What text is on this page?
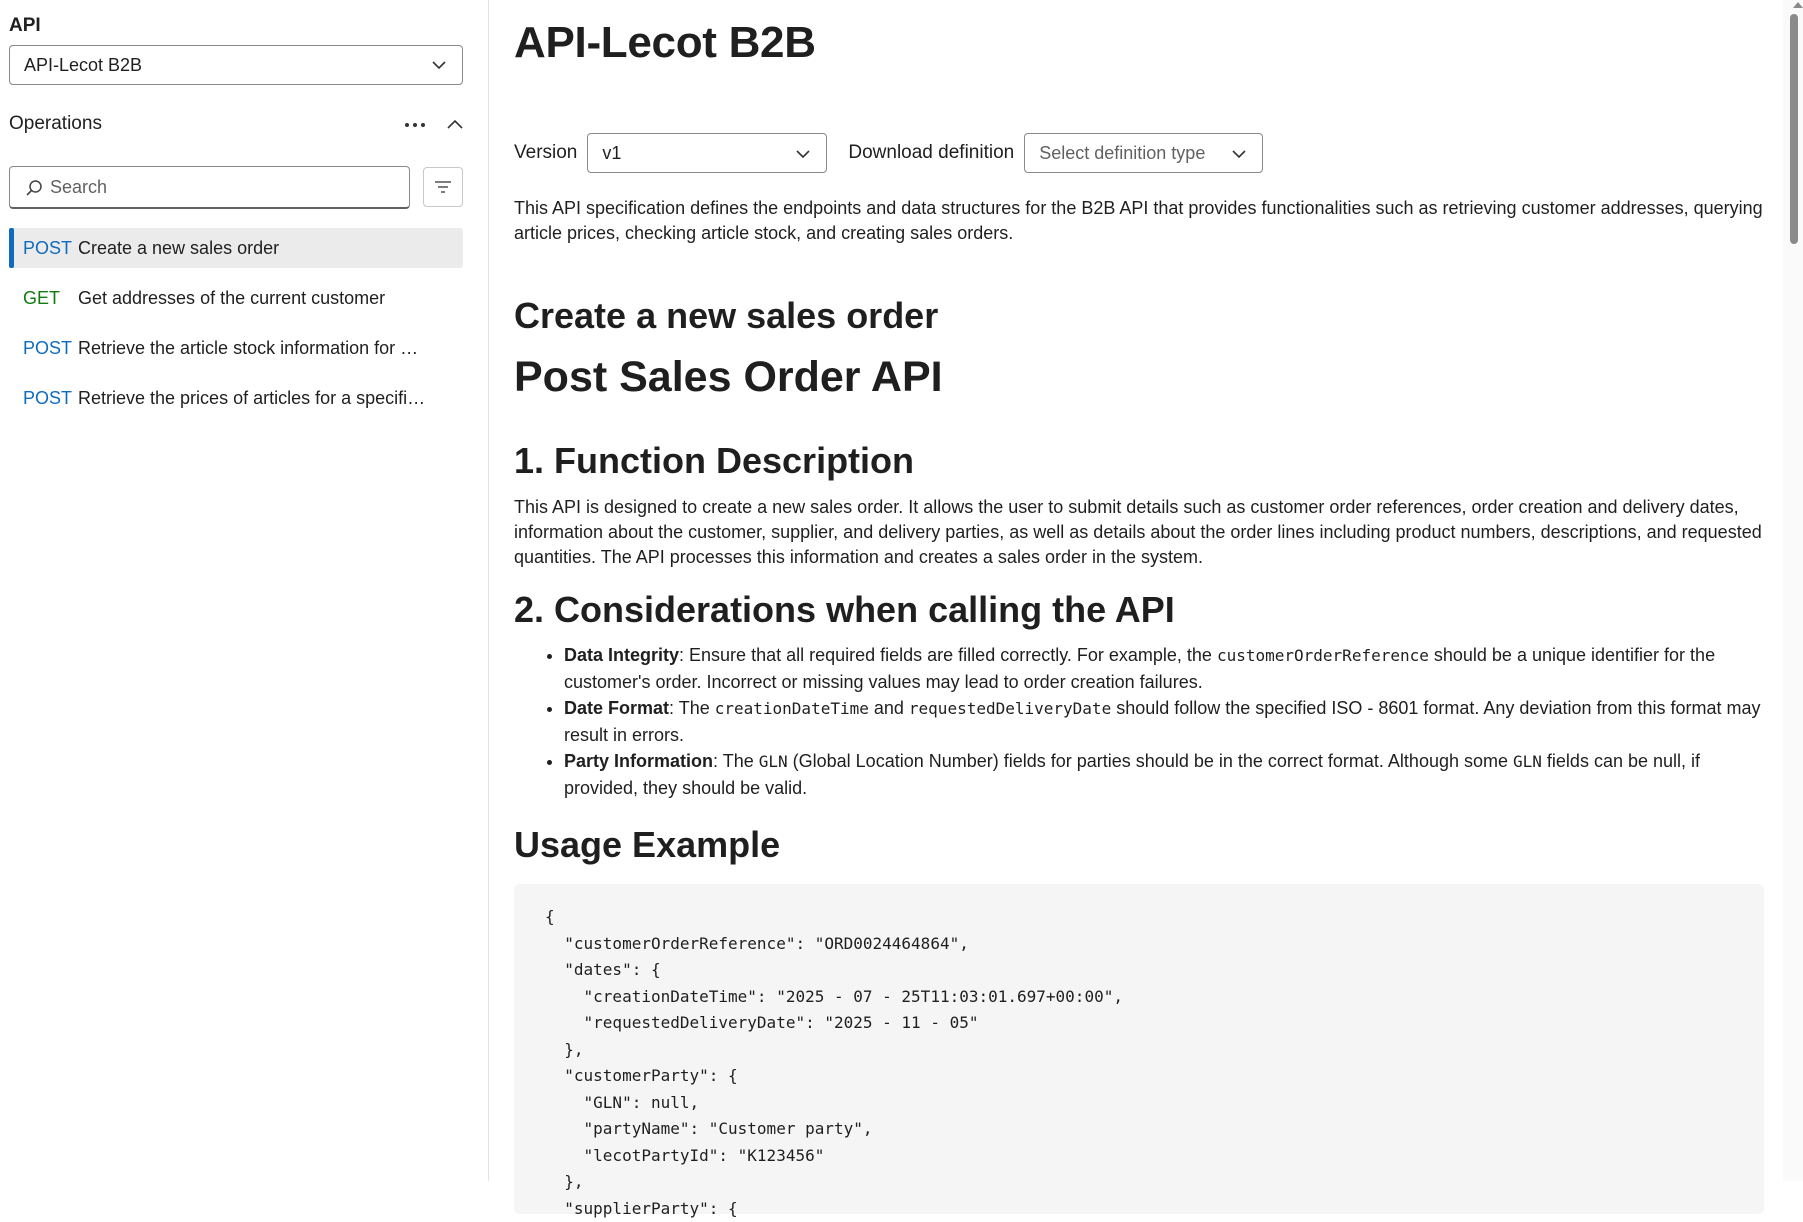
API
API-Lecot B2B
Operations
Search
POST Create a new sales order
GET Get addresses of the current customer
POST Retrieve the article stock information for …
POST Retrieve the prices of articles for a specifi…
API-Lecot B2B
Version v1	Download definition Select definition type

This API specification defines the endpoints and data structures for the B2B API that provides functionalities such as retrieving customer addresses, querying article prices, checking article stock, and creating sales orders.

Create a new sales order
Post Sales Order API
1. Function Description

This API is designed to create a new sales order. It allows the user to submit details such as customer order references, order creation and delivery dates, information about the customer, supplier, and delivery parties, as well as details about the order lines including product numbers, descriptions, and requested quantities. The API processes this information and creates a sales order in the system.

2. Considerations when calling the API
• Data Integrity: Ensure that all required fields are filled correctly. For example, the customerOrderReference should be a unique identifier for the customer's order. Incorrect or missing values may lead to order creation failures.
• Date Format: The creationDateTime and requestedDeliveryDate should follow the specified ISO - 8601 format. Any deviation from this format may result in errors.
• Party Information: The GLN (Global Location Number) fields for parties should be in the correct format. Although some GLN fields can be null, if provided, they should be valid.
Usage Example
{
"customerOrderReference": "ORD0024464864",
"dates": {
"creationDateTime": "2025 - 07 - 25T11:03:01.697+00:00",
"requestedDeliveryDate": "2025 - 11 - 05"
},
"customerParty": {
"GLN": null,
"partyName": "Customer party",
"lecotPartyId": "K123456"
},
"supplierParty": {
